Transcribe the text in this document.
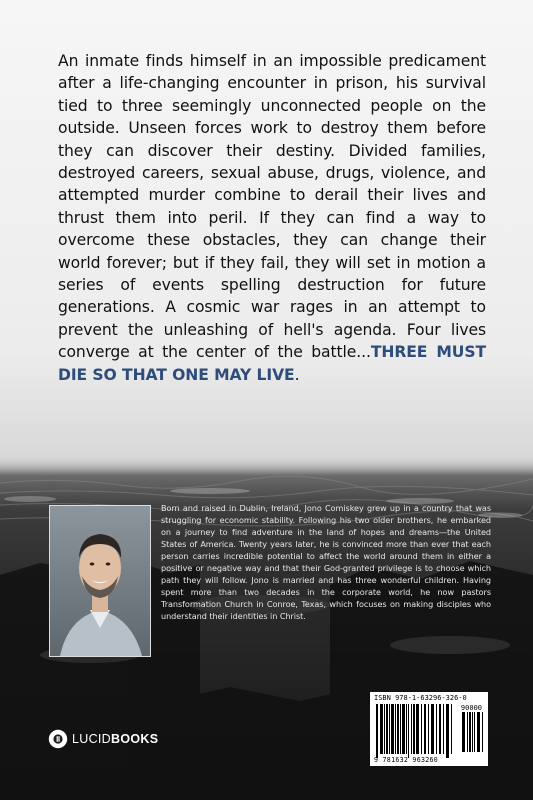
An inmate finds himself in an impossible predicament after a life-changing encounter in prison, his survival tied to three seemingly unconnected people on the outside. Unseen forces work to destroy them before they can discover their destiny. Divided families, destroyed careers, sexual abuse, drugs, violence, and attempted murder combine to derail their lives and thrust them into peril. If they can find a way to overcome these obstacles, they can change their world forever; but if they fail, they will set in motion a series of events spelling destruction for future generations. A cosmic war rages in an attempt to prevent the unleashing of hell's agenda. Four lives converge at the center of the battle...THREE MUST DIE SO THAT ONE MAY LIVE.

Born and raised in Dublin, Ireland, Jono Comiskey grew up in a country that was struggling for economic stability. Following his two older brothers, he embarked on a journey to find adventure in the land of hopes and dreams—the United States of America. Twenty years later, he is convinced more than ever that each person carries incredible potential to affect the world around them in either a positive or negative way and that their God-granted privilege is to choose which path they will follow. Jono is married and has three wonderful children. Having spent more than two decades in the corporate world, he now pastors Transformation Church in Conroe, Texas, which focuses on making disciples who understand their identities in Christ.

ISBN 978-1-63296-326-0
90000
9 781632 963260
LUCIDBOOKS
